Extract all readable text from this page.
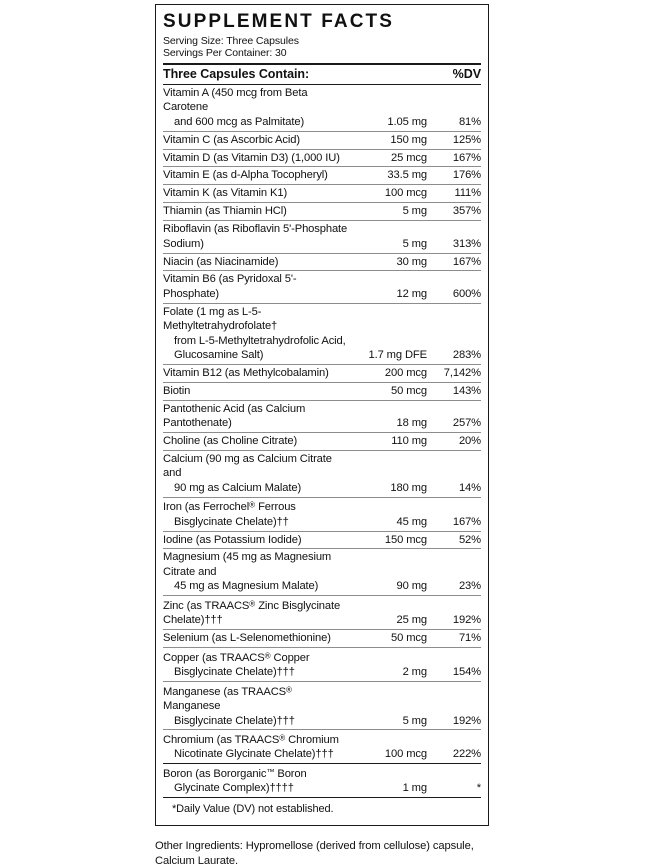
SUPPLEMENT FACTS
Serving Size: Three Capsules
Servings Per Container: 30
Three Capsules Contain:	%DV
Vitamin A (450 mcg from Beta Carotene
and 600 mcg as Palmitate)	1.05 mg	81%
Vitamin C (as Ascorbic Acid)	150 mg	125%
Vitamin D (as Vitamin D3) (1,000 IU)	25 mcg	167%
Vitamin E (as d-Alpha Tocopheryl)	33.5 mg	176%
Vitamin K (as Vitamin K1)	100 mcg	111%
Thiamin (as Thiamin HCl)	5 mg	357%
Riboflavin (as Riboflavin 5'-Phosphate Sodium)	5 mg	313%
Niacin (as Niacinamide)	30 mg	167%
Vitamin B6 (as Pyridoxal 5'-Phosphate)	12 mg	600%
Folate (1 mg as L-5-Methyltetrahydrofolate†
from L-5-Methyltetrahydrofolic Acid,
Glucosamine Salt)	1.7 mg DFE	283%
Vitamin B12 (as Methylcobalamin)	200 mcg	7,142%
Biotin	50 mcg	143%
Pantothenic Acid (as Calcium Pantothenate)	18 mg	257%
Choline (as Choline Citrate)	110 mg	20%
Calcium (90 mg as Calcium Citrate and
90 mg as Calcium Malate)	180 mg	14%
Iron (as Ferrochel® Ferrous
Bisglycinate Chelate)††	45 mg	167%
Iodine (as Potassium Iodide)	150 mcg	52%
Magnesium (45 mg as Magnesium Citrate and
45 mg as Magnesium Malate)	90 mg	23%
Zinc (as TRAACS® Zinc Bisglycinate Chelate)†††	25 mg	192%
Selenium (as L-Selenomethionine)	50 mcg	71%
Copper (as TRAACS® Copper
Bisglycinate Chelate)†††	2 mg	154%
Manganese (as TRAACS® Manganese
Bisglycinate Chelate)†††	5 mg	192%
Chromium (as TRAACS® Chromium
Nicotinate Glycinate Chelate)†††	100 mcg	222%
Boron (as Bororganic™ Boron
Glycinate Complex)††††	1 mg	*
*Daily Value (DV) not established.
Other Ingredients: Hypromellose (derived from cellulose) capsule, Calcium Laurate.
